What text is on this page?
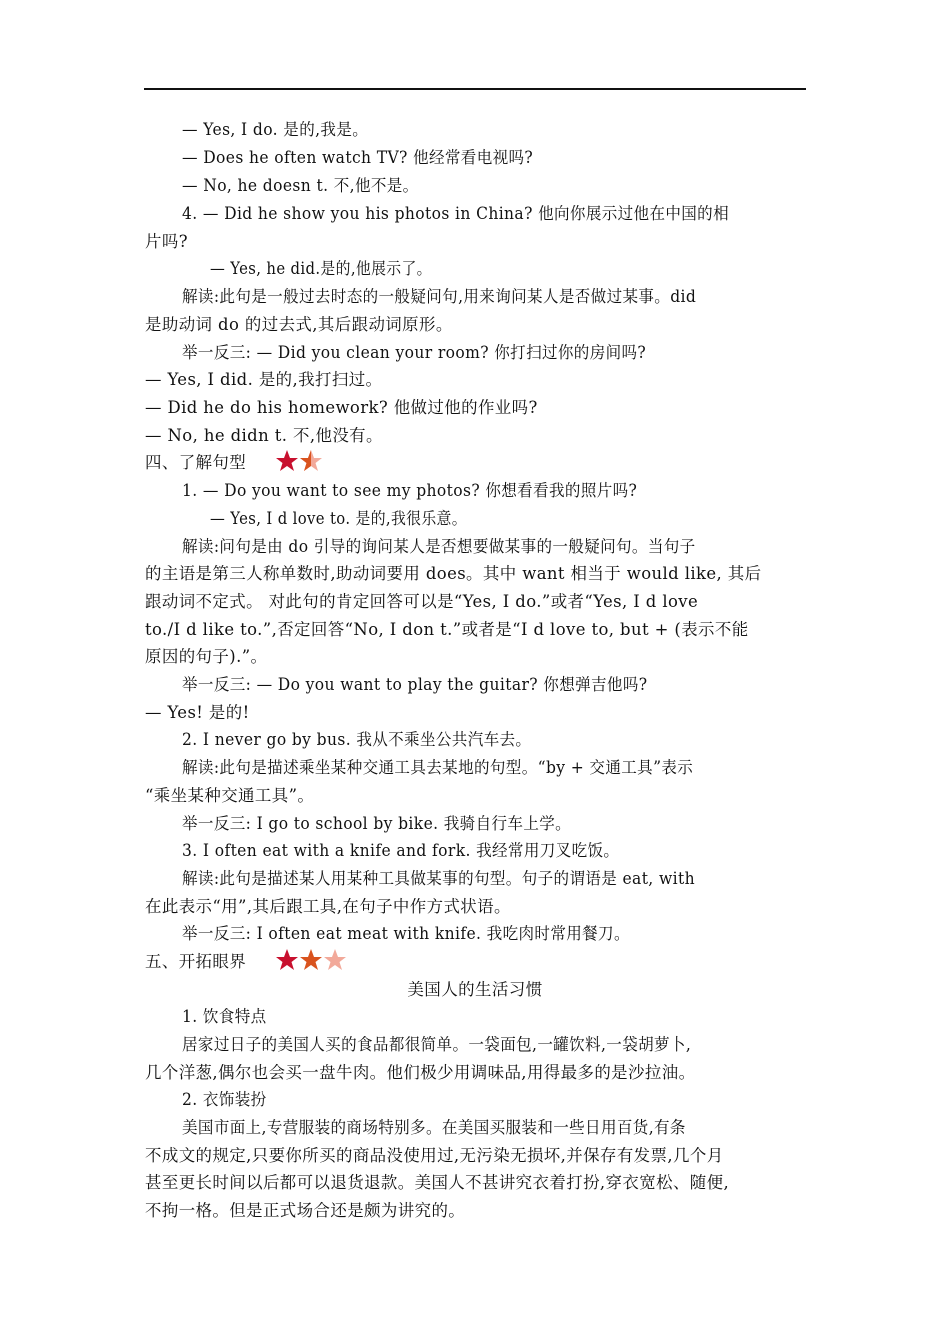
— Yes, I do. 是的,我是。
— Does he often watch TV? 他经常看电视吗?
— No, he doesn t. 不,他不是。
4. — Did he show you his photos in China? 他向你展示过他在中国的相
片吗?
— Yes, he did.是的,他展示了。
解读:此句是一般过去时态的一般疑问句,用来询问某人是否做过某事。did
是助动词 do 的过去式,其后跟动词原形。
举一反三: — Did you clean your room? 你打扫过你的房间吗?
— Yes, I did. 是的,我打扫过。
— Did he do his homework? 他做过他的作业吗?
— No, he didn t. 不,他没有。
四、了解句型
1. — Do you want to see my photos? 你想看看我的照片吗?
— Yes, I d love to. 是的,我很乐意。
解读:问句是由 do 引导的询问某人是否想要做某事的一般疑问句。当句子
的主语是第三人称单数时,助动词要用 does。其中 want 相当于 would like, 其后
跟动词不定式。 对此句的肯定回答可以是“Yes, I do.”或者“Yes, I d love
to./I d like to.”,否定回答“No, I don t.”或者是“I d love to, but + (表示不能
原因的句子).”。
举一反三: — Do you want to play the guitar? 你想弹吉他吗?
— Yes! 是的!
2. I never go by bus. 我从不乘坐公共汽车去。
解读:此句是描述乘坐某种交通工具去某地的句型。“by + 交通工具”表示
“乘坐某种交通工具”。
举一反三: I go to school by bike. 我骑自行车上学。
3. I often eat with a knife and fork. 我经常用刀叉吃饭。
解读:此句是描述某人用某种工具做某事的句型。句子的谓语是 eat, with
在此表示“用”,其后跟工具,在句子中作方式状语。
举一反三: I often eat meat with knife. 我吃肉时常用餐刀。
五、开拓眼界
美国人的生活习惯
1. 饮食特点
居家过日子的美国人买的食品都很简单。一袋面包,一罐饮料,一袋胡萝卜,
几个洋葱,偶尔也会买一盘牛肉。他们极少用调味品,用得最多的是沙拉油。
2. 衣饰装扮
美国市面上,专营服装的商场特别多。在美国买服装和一些日用百货,有条
不成文的规定,只要你所买的商品没使用过,无污染无损坏,并保存有发票,几个月
甚至更长时间以后都可以退货退款。美国人不甚讲究衣着打扮,穿衣宽松、随便,
不拘一格。但是正式场合还是颇为讲究的。
